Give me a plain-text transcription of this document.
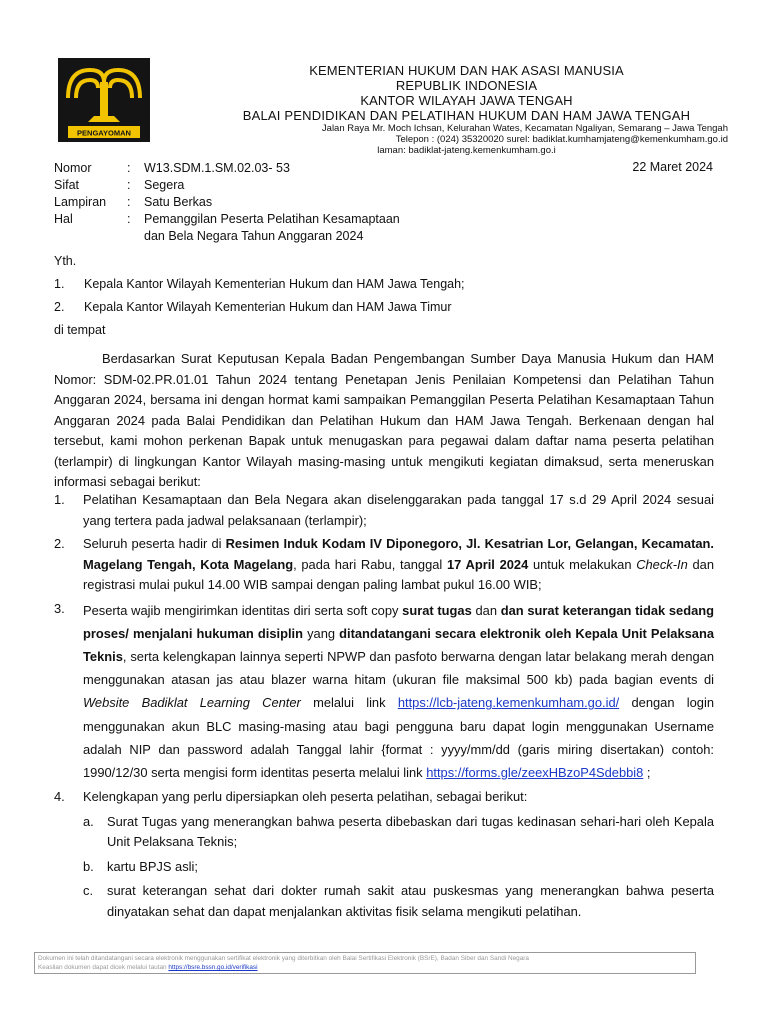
PENGAYOMAN
KEMENTERIAN HUKUM DAN HAK ASASI MANUSIA
REPUBLIK INDONESIA
KANTOR WILAYAH JAWA TENGAH
BALAI PENDIDIKAN DAN PELATIHAN HUKUM DAN HAM JAWA TENGAH
Jalan Raya Mr. Moch Ichsan, Kelurahan Wates, Kecamatan Ngaliyan, Semarang – Jawa Tengah
Telepon : (024) 35320020 surel: badiklat.kumhamjateng@kemenkumham.go.id
laman: badiklat-jateng.kemenkumham.go.i
Nomor	:	W13.SDM.1.SM.02.03- 53
Sifat	:	Segera
Lampiran	:	Satu Berkas
Hal	:	Pemanggilan Peserta Pelatihan Kesamaptaan
dan Bela Negara Tahun Anggaran 2024
22 Maret 2024
Yth.
1.	Kepala Kantor Wilayah Kementerian Hukum dan HAM Jawa Tengah;
2.	Kepala Kantor Wilayah Kementerian Hukum dan HAM Jawa Timur
di tempat

Berdasarkan Surat Keputusan Kepala Badan Pengembangan Sumber Daya Manusia Hukum dan HAM Nomor: SDM-02.PR.01.01 Tahun 2024 tentang Penetapan Jenis Penilaian Kompetensi dan Pelatihan Tahun Anggaran 2024, bersama ini dengan hormat kami sampaikan Pemanggilan Peserta Pelatihan Kesamaptaan Tahun Anggaran 2024 pada Balai Pendidikan dan Pelatihan Hukum dan HAM Jawa Tengah. Berkenaan dengan hal tersebut, kami mohon perkenan Bapak untuk menugaskan para pegawai dalam daftar nama peserta pelatihan (terlampir) di lingkungan Kantor Wilayah masing-masing untuk mengikuti kegiatan dimaksud, serta meneruskan informasi sebagai berikut:

1.	Pelatihan Kesamaptaan dan Bela Negara akan diselenggarakan pada tanggal 17 s.d 29 April 2024 sesuai yang tertera pada jadwal pelaksanaan (terlampir);
2.	Seluruh peserta hadir di Resimen Induk Kodam IV Diponegoro, Jl. Kesatrian Lor, Gelangan, Kecamatan. Magelang Tengah, Kota Magelang, pada hari Rabu, tanggal 17 April 2024 untuk melakukan Check-In dan registrasi mulai pukul 14.00 WIB sampai dengan paling lambat pukul 16.00 WIB;
3.	Peserta wajib mengirimkan identitas diri serta soft copy surat tugas dan dan surat keterangan tidak sedang proses/ menjalani hukuman disiplin yang ditandatangani secara elektronik oleh Kepala Unit Pelaksana Teknis, serta kelengkapan lainnya seperti NPWP dan pasfoto berwarna dengan latar belakang merah dengan menggunakan atasan jas atau blazer warna hitam (ukuran file maksimal 500 kb) pada bagian events di Website Badiklat Learning Center melalui link https://lcb-jateng.kemenkumham.go.id/ dengan login menggunakan akun BLC masing-masing atau bagi pengguna baru dapat login menggunakan Username adalah NIP dan password adalah Tanggal lahir {format : yyyy/mm/dd (garis miring disertakan) contoh: 1990/12/30 serta mengisi form identitas peserta melalui link https://forms.gle/zeexHBzoP4Sdebbi8 ;
4.	Kelengkapan yang perlu dipersiapkan oleh peserta pelatihan, sebagai berikut:
a.	Surat Tugas yang menerangkan bahwa peserta dibebaskan dari tugas kedinasan sehari-hari oleh Kepala Unit Pelaksana Teknis;
b.	kartu BPJS asli;
c.	surat keterangan sehat dari dokter rumah sakit atau puskesmas yang menerangkan bahwa peserta dinyatakan sehat dan dapat menjalankan aktivitas fisik selama mengikuti pelatihan.
Dokumen ini telah ditandatangani secara elektronik menggunakan sertifikat elektronik yang diterbitkan oleh Balai Sertifikasi Elektronik (BSrE), Badan Siber dan Sandi Negara
Keaslian dokumen dapat dicek melalui tautan https://bsre.bssn.go.id/verifikasi
